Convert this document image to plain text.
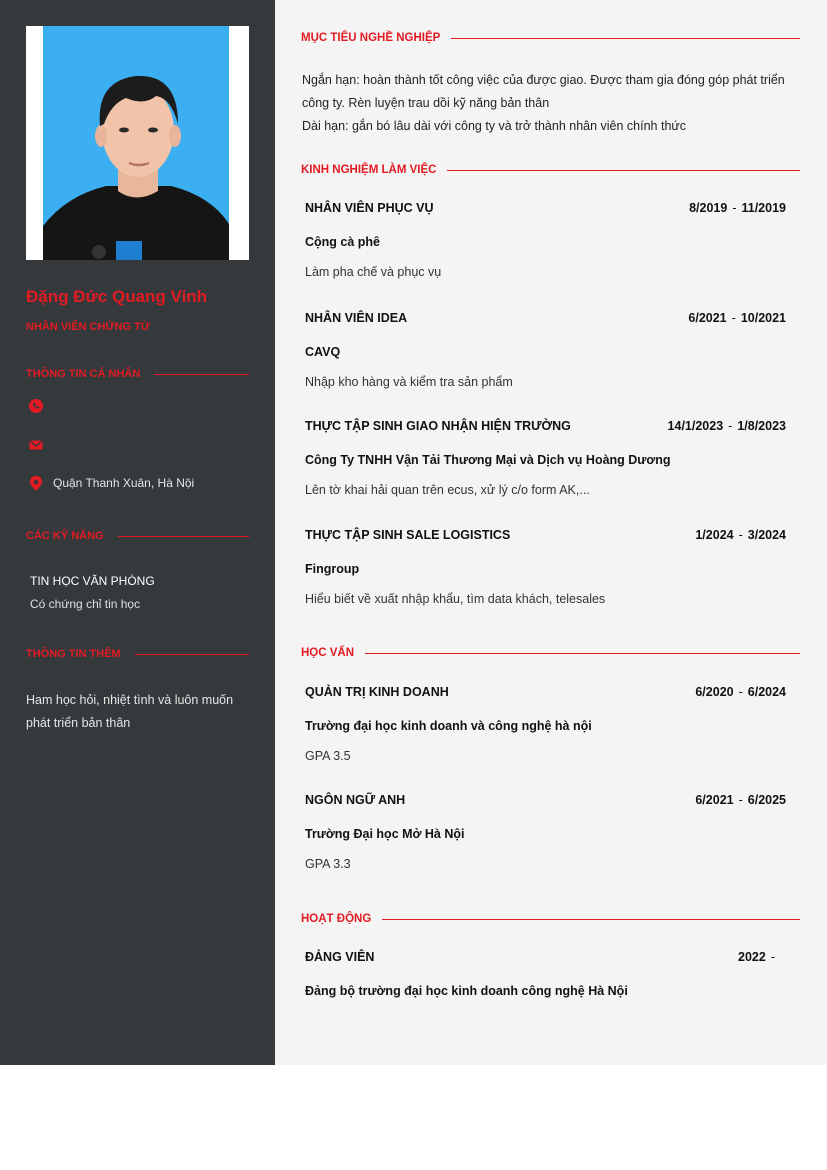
Đặng Đức Quang Vinh
NHÂN VIÊN CHỨNG TỪ
THÔNG TIN CÁ NHÂN
Quận Thanh Xuân, Hà Nội
CÁC KỸ NĂNG
TIN HỌC VĂN PHÒNG
Có chứng chỉ tin học
THÔNG TIN THÊM
Ham học hỏi, nhiệt tình và luôn muốn phát triển bản thân
MỤC TIÊU NGHỀ NGHIỆP
Ngắn hạn: hoàn thành tốt công việc của được giao. Được tham gia đóng góp phát triển công ty. Rèn luyện trau dồi kỹ năng bản thân
Dài hạn: gắn bó lâu dài với công ty và trở thành nhân viên chính thức
KINH NGHIỆM LÀM VIỆC
NHÂN VIÊN PHỤC VỤ	8/2019 - 11/2019
Cộng cà phê
Làm pha chế và phục vụ
NHÂN VIÊN IDEA	6/2021 - 10/2021
CAVQ
Nhập kho hàng và kiểm tra sản phẩm
THỰC TẬP SINH GIAO NHẬN HIỆN TRƯỜNG	14/1/2023 - 1/8/2023
Công Ty TNHH Vận Tải Thương Mại và Dịch vụ Hoàng Dương
Lên tờ khai hải quan trên ecus, xử lý c/o form AK,...
THỰC TẬP SINH SALE LOGISTICS	1/2024 - 3/2024
Fingroup
Hiểu biết về xuất nhập khẩu, tìm data khách, telesales
HỌC VẤN
QUẢN TRỊ KINH DOANH	6/2020 - 6/2024
Trường đại học kinh doanh và công nghệ hà nội
GPA 3.5
NGÔN NGỮ ANH	6/2021 - 6/2025
Trường Đại học Mở Hà Nội
GPA 3.3
HOẠT ĐỘNG
ĐẢNG VIÊN	2022 -
Đảng bộ trường đại học kinh doanh công nghệ Hà Nội
